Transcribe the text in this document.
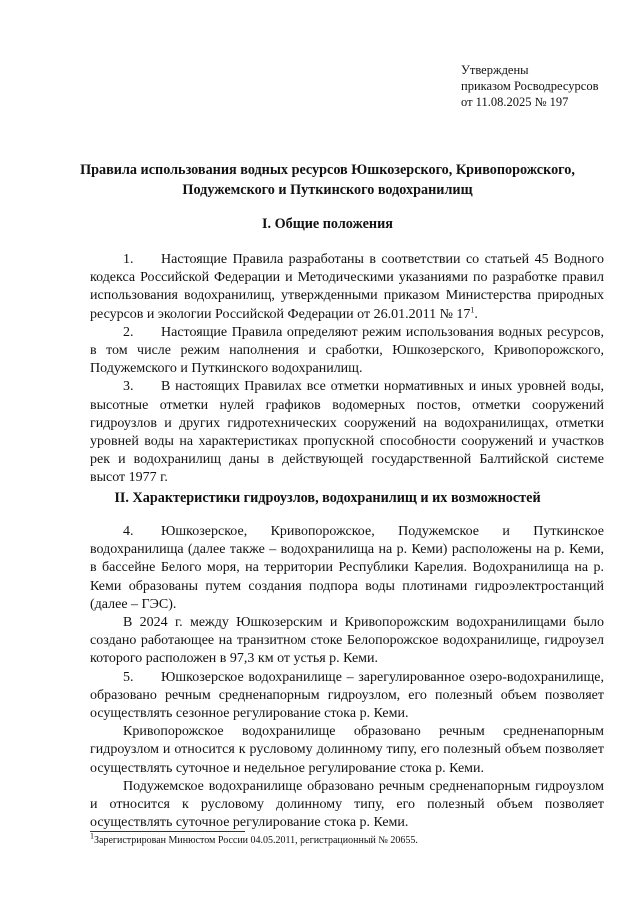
Утверждены
приказом Росводресурсов
от 11.08.2025 № 197
Правила использования водных ресурсов Юшкозерского, Кривопорожского, Подужемского и Путкинского водохранилищ
I. Общие положения

1. Настоящие Правила разработаны в соответствии со статьей 45 Водного кодекса Российской Федерации и Методическими указаниями по разработке правил использования водохранилищ, утвержденными приказом Министерства природных ресурсов и экологии Российской Федерации от 26.01.2011 № $17^1$.

2. Настоящие Правила определяют режим использования водных ресурсов, в том числе режим наполнения и сработки, Юшкозерского, Кривопорожского, Подужемского и Путкинского водохранилищ.

3. В настоящих Правилах все отметки нормативных и иных уровней воды, высотные отметки нулей графиков водомерных постов, отметки сооружений гидроузлов и других гидротехнических сооружений на водохранилищах, отметки уровней воды на характеристиках пропускной способности сооружений и участков рек и водохранилищ даны в действующей государственной Балтийской системе высот 1977 г.

II. Характеристики гидроузлов, водохранилищ и их возможностей

4. Юшкозерское, Кривопорожское, Подужемское и Путкинское водохранилища (далее также – водохранилища на р. Кеми) расположены на р. Кеми, в бассейне Белого моря, на территории Республики Карелия. Водохранилища на р. Кеми образованы путем создания подпора воды плотинами гидроэлектростанций (далее – ГЭС).

В 2024 г. между Юшкозерским и Кривопорожским водохранилищами было создано работающее на транзитном стоке Белопорожское водохранилище, гидроузел которого расположен в 97,3 км от устья р. Кеми.

5. Юшкозерское водохранилище – зарегулированное озеро-водохранилище, образовано речным средненапорным гидроузлом, его полезный объем позволяет осуществлять сезонное регулирование стока р. Кеми.

Кривопорожское водохранилище образовано речным средненапорным гидроузлом и относится к русловому долинному типу, его полезный объем позволяет осуществлять суточное и недельное регулирование стока р. Кеми.

Подужемское водохранилище образовано речным средненапорным гидроузлом и относится к русловому долинному типу, его полезный объем позволяет осуществлять суточное регулирование стока р. Кеми.

$^1$Зарегистрирован Минюстом России 04.05.2011, регистрационный № 20655.
